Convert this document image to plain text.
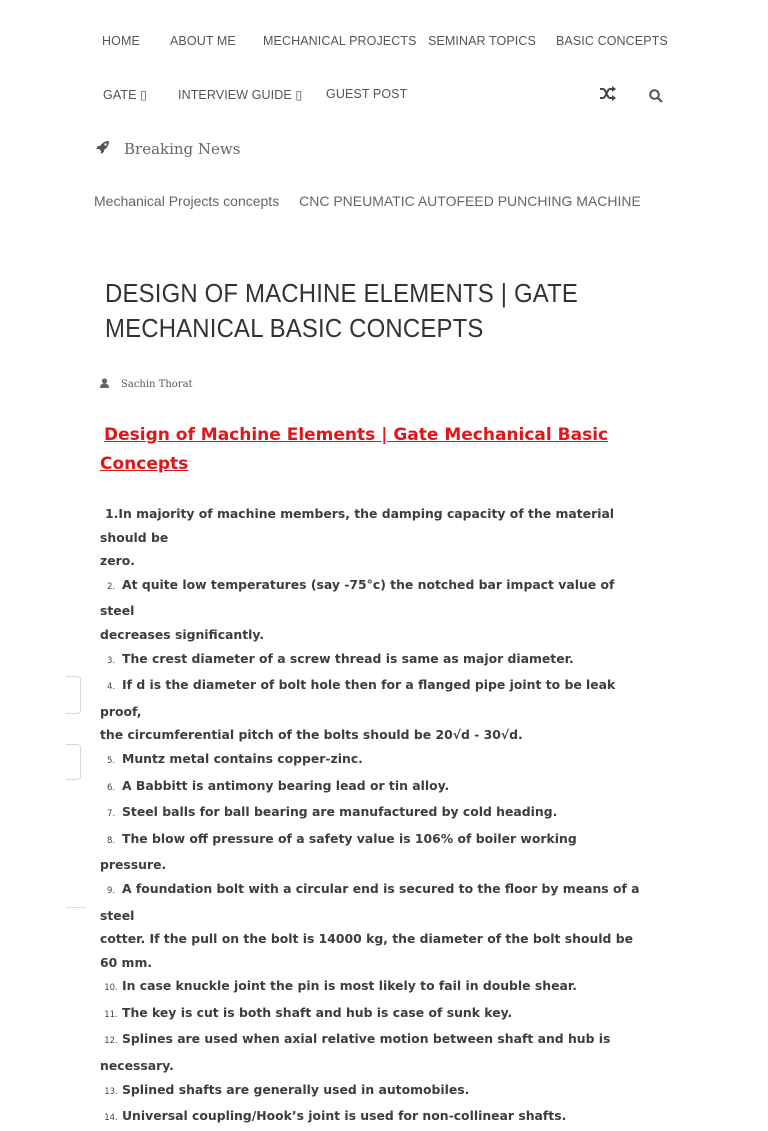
HOME ABOUT ME MECHANICAL PROJECTS SEMINAR TOPICS BASIC CONCEPTS
GATE ▯ INTERVIEW GUIDE ▯ GUEST POST
Breaking News
Mechanical Projects concepts CNC PNEUMATIC AUTOFEED PUNCHING MACHINE
DESIGN OF MACHINE ELEMENTS | GATE MECHANICAL BASIC CONCEPTS
Sachin Thorat
Design of Machine Elements | Gate Mechanical Basic
Concepts

1.In majority of machine members, the damping capacity of the material should be
zero.

2. At quite low temperatures (say -75°c) the notched bar impact value of steel
decreases significantly.

3. The crest diameter of a screw thread is same as major diameter.

4. If d is the diameter of bolt hole then for a flanged pipe joint to be leak proof,
the circumferential pitch of the bolts should be 20√d - 30√d.

5. Muntz metal contains copper-zinc.

6. A Babbitt is antimony bearing lead or tin alloy.

7. Steel balls for ball bearing are manufactured by cold heading.

8. The blow off pressure of a safety value is 106% of boiler working pressure.

9. A foundation bolt with a circular end is secured to the floor by means of a steel
cotter. If the pull on the bolt is 14000 kg, the diameter of the bolt should be 60 mm.

10. In case knuckle joint the pin is most likely to fail in double shear.

11. The key is cut is both shaft and hub is case of sunk key.

12. Splines are used when axial relative motion between shaft and hub is
necessary.

13. Splined shafts are generally used in automobiles.

14. Universal coupling/Hook’s joint is used for non-collinear shafts.
